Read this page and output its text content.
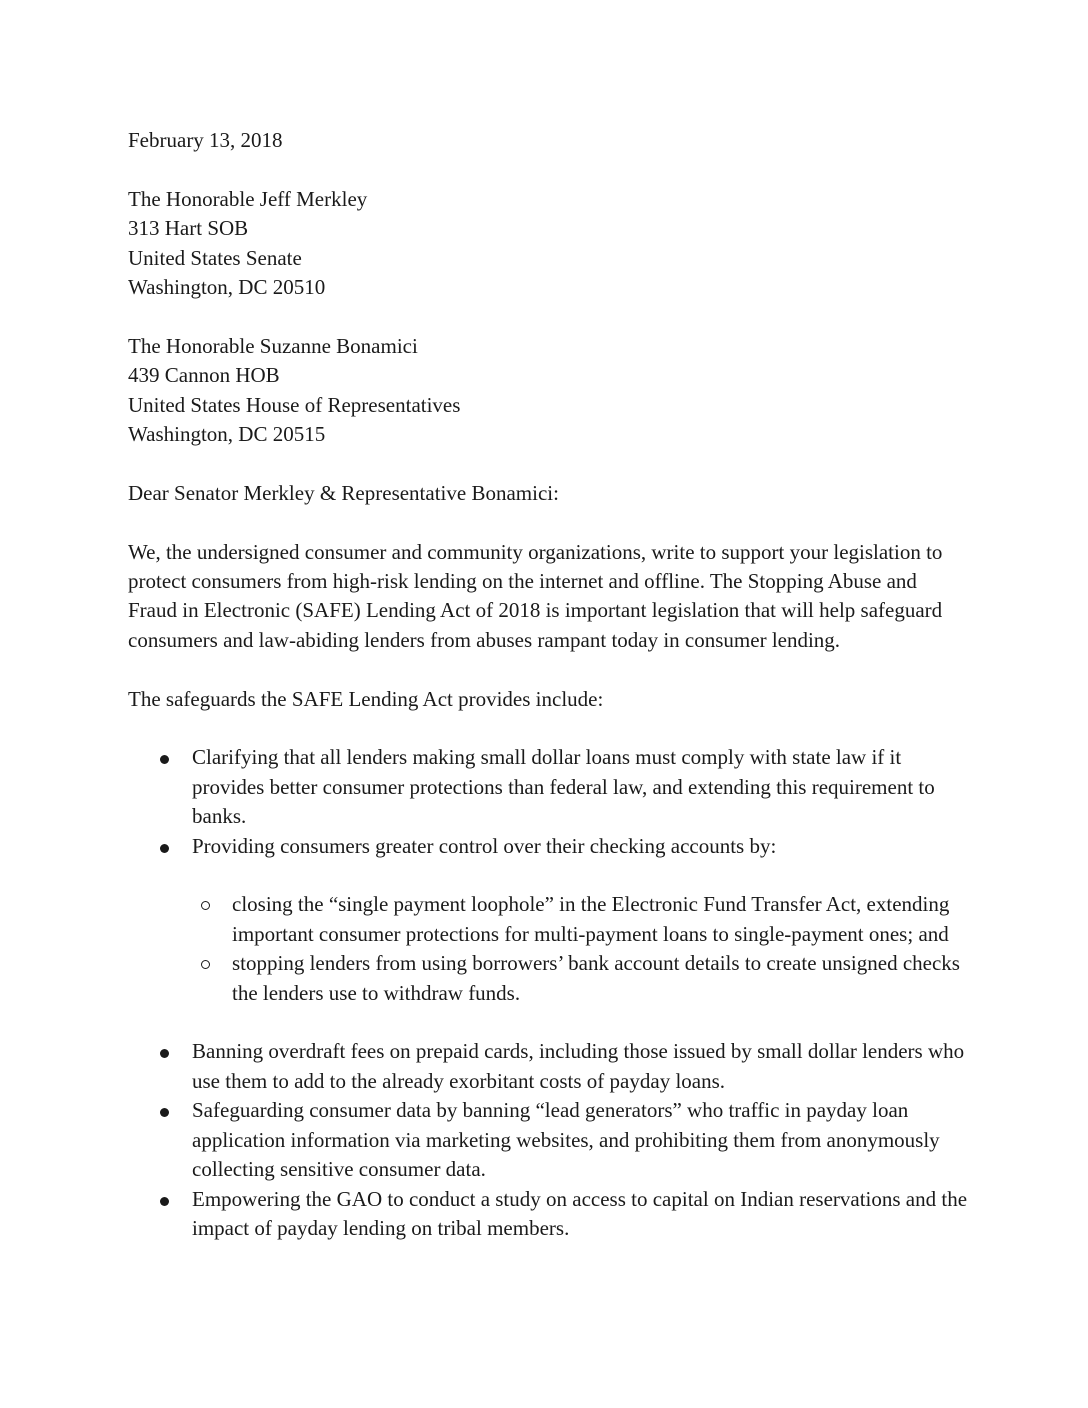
February 13, 2018

The Honorable Jeff Merkley
313 Hart SOB
United States Senate
Washington, DC 20510
The Honorable Suzanne Bonamici
439 Cannon HOB
United States House of Representatives
Washington, DC 20515

Dear Senator Merkley & Representative Bonamici:

We, the undersigned consumer and community organizations, write to support your legislation to protect consumers from high-risk lending on the internet and offline. The Stopping Abuse and Fraud in Electronic (SAFE) Lending Act of 2018 is important legislation that will help safeguard consumers and law-abiding lenders from abuses rampant today in consumer lending.

The safeguards the SAFE Lending Act provides include:

Clarifying that all lenders making small dollar loans must comply with state law if it provides better consumer protections than federal law, and extending this requirement to banks.
Providing consumers greater control over their checking accounts by:
closing the “single payment loophole” in the Electronic Fund Transfer Act, extending important consumer protections for multi-payment loans to single-payment ones; and
stopping lenders from using borrowers’ bank account details to create unsigned checks the lenders use to withdraw funds.
Banning overdraft fees on prepaid cards, including those issued by small dollar lenders who use them to add to the already exorbitant costs of payday loans.
Safeguarding consumer data by banning “lead generators” who traffic in payday loan application information via marketing websites, and prohibiting them from anonymously collecting sensitive consumer data.
Empowering the GAO to conduct a study on access to capital on Indian reservations and the impact of payday lending on tribal members.
